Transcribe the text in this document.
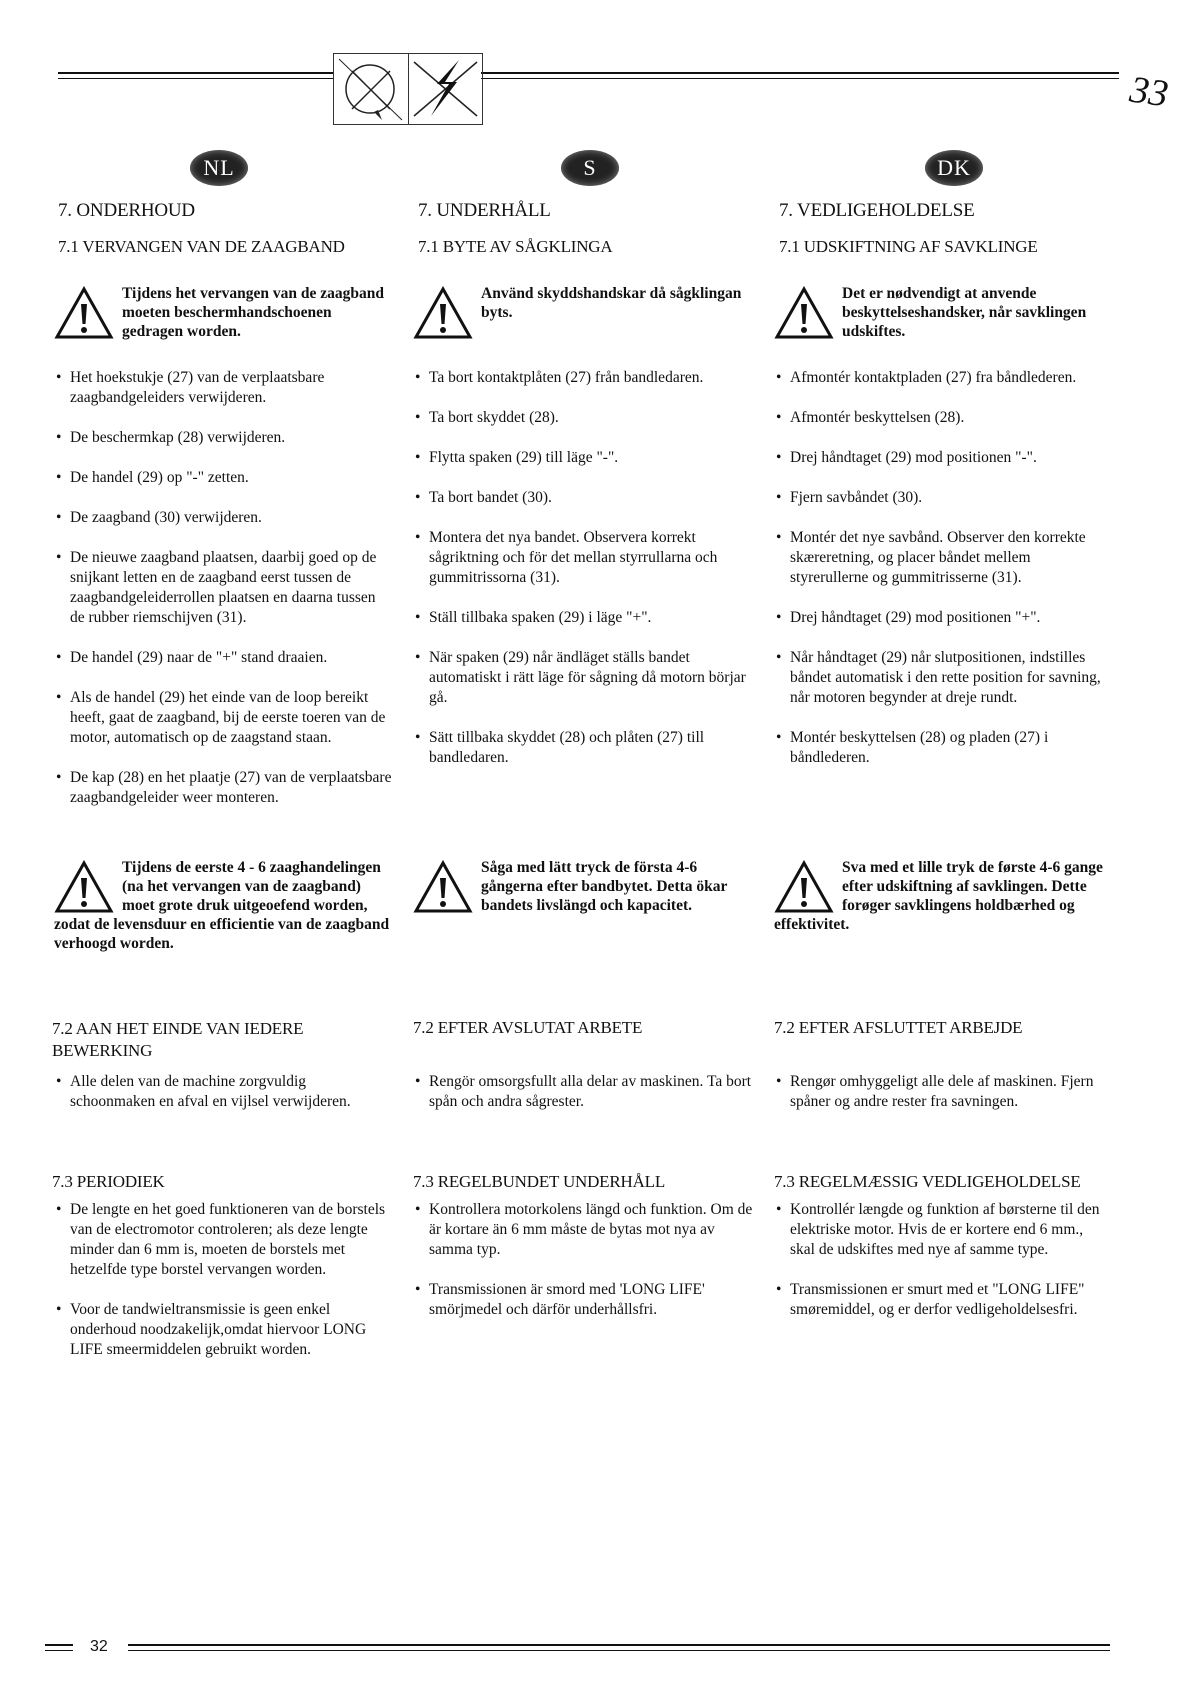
33
NL	S	DK
7. ONDERHOUD
7.1 VERVANGEN VAN DE ZAAGBAND
Tijdens het vervangen van de zaagband moeten beschermhandschoenen gedragen worden.
• Het hoekstukje (27) van de verplaatsbare zaagbandgeleiders verwijderen.
• De beschermkap (28) verwijderen.
• De handel (29) op "-" zetten.
• De zaagband (30) verwijderen.
• De nieuwe zaagband plaatsen, daarbij goed op de snijkant letten en de zaagband eerst tussen de zaagbandgeleiderrollen plaatsen en daarna tussen de rubber riemschijven (31).
• De handel (29) naar de "+" stand draaien.
• Als de handel (29) het einde van de loop bereikt heeft, gaat de zaagband, bij de eerste toeren van de motor, automatisch op de zaagstand staan.
• De kap (28) en het plaatje (27) van de verplaatsbare zaagbandgeleider weer monteren.
Tijdens de eerste 4 - 6 zaaghandelingen (na het vervangen van de zaagband) moet grote druk uitgeoefend worden, zodat de levensduur en efficientie van de zaagband verhoogd worden.
7.2 AAN HET EINDE VAN IEDERE BEWERKING
• Alle delen van de machine zorgvuldig schoonmaken en afval en vijlsel verwijderen.
7.3 PERIODIEK
• De lengte en het goed funktioneren van de borstels van de electromotor controleren; als deze lengte minder dan 6 mm is, moeten de borstels met hetzelfde type borstel vervangen worden.
• Voor de tandwieltransmissie is geen enkel onderhoud noodzakelijk,omdat hiervoor LONG LIFE smeermiddelen gebruikt worden.
7. UNDERHÅLL
7.1 BYTE AV SÅGKLINGA
Använd skyddshandskar då sågklingan byts.
• Ta bort kontaktplåten (27) från bandledaren.
• Ta bort skyddet (28).
• Flytta spaken (29) till läge "-".
• Ta bort bandet (30).
• Montera det nya bandet. Observera korrekt sågriktning och för det mellan styrrullarna och gummitrissorna (31).
• Ställ tillbaka spaken (29) i läge "+".
• När spaken (29) når ändläget ställs bandet automatiskt i rätt läge för sågning då motorn börjar gå.
• Sätt tillbaka skyddet (28) och plåten (27) till bandledaren.
Såga med lätt tryck de första 4-6 gångerna efter bandbytet. Detta ökar bandets livslängd och kapacitet.
7.2 EFTER AVSLUTAT ARBETE
• Rengör omsorgsfullt alla delar av maskinen. Ta bort spån och andra sågrester.
7.3 REGELBUNDET UNDERHÅLL
• Kontrollera motorkolens längd och funktion. Om de är kortare än 6 mm måste de bytas mot nya av samma typ.
• Transmissionen är smord med 'LONG LIFE' smörjmedel och därför underhållsfri.
7. VEDLIGEHOLDELSE
7.1 UDSKIFTNING AF SAVKLINGE
Det er nødvendigt at anvende beskyttelseshandsker, når savklingen udskiftes.
• Afmontér kontaktpladen (27) fra båndlederen.
• Afmontér beskyttelsen (28).
• Drej håndtaget (29) mod positionen "-".
• Fjern savbåndet (30).
• Montér det nye savbånd. Observer den korrekte skæreretning, og placer båndet mellem styrerullerne og gummitrisserne (31).
• Drej håndtaget (29) mod positionen "+".
• Når håndtaget (29) når slutpositionen, indstilles båndet automatisk i den rette position for savning, når motoren begynder at dreje rundt.
• Montér beskyttelsen (28) og pladen (27) i båndlederen.
Sva med et lille tryk de første 4-6 gange efter udskiftning af savklingen. Dette forøger savklingens holdbærhed og effektivitet.
7.2 EFTER AFSLUTTET ARBEJDE
• Rengør omhyggeligt alle dele af maskinen. Fjern spåner og andre rester fra savningen.
7.3 REGELMÆSSIG VEDLIGEHOLDELSE
• Kontrollér længde og funktion af børsterne til den elektriske motor. Hvis de er kortere end 6 mm., skal de udskiftes med nye af samme type.
• Transmissionen er smurt med et "LONG LIFE" smøremiddel, og er derfor vedligeholdelsesfri.
32
